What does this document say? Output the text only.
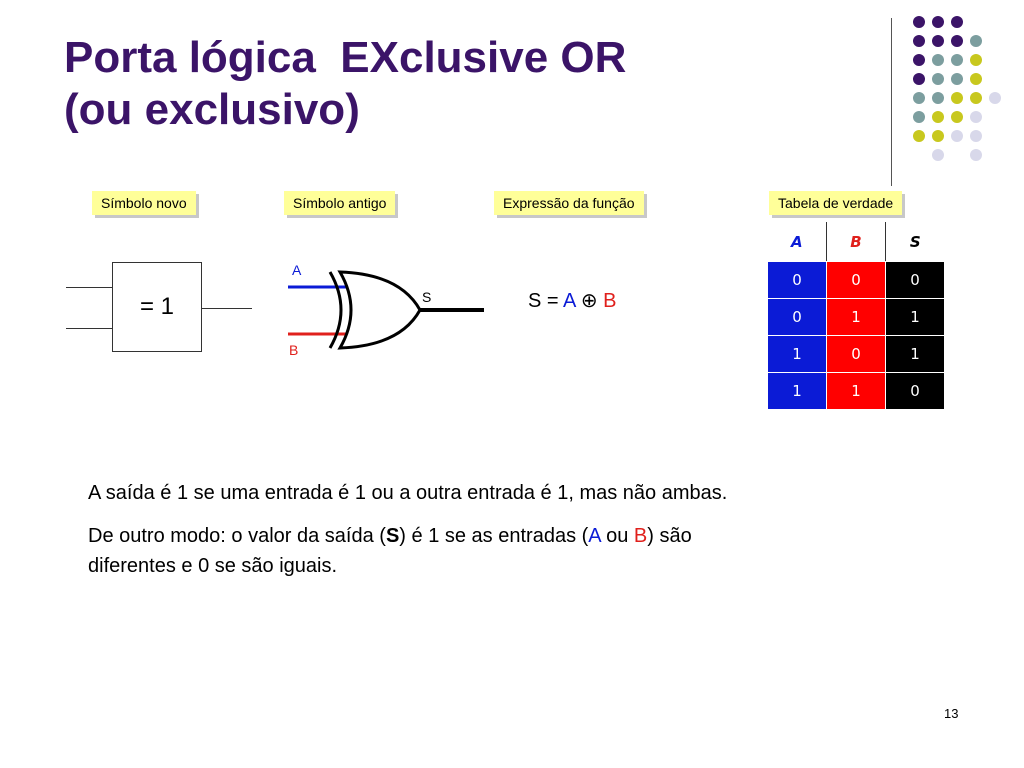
Porta lógica  EXclusive OR
(ou exclusivo)
Símbolo novo	Símbolo antigo	Expressão da função	Tabela de verdade
= 1
A
B
S	S = A ⊕ B
A	B	S
0	0	0
0	1	1
1	0	1
1	1	0
A saída é 1 se uma entrada é 1 ou a outra entrada é 1, mas não ambas.
De outro modo: o valor da saída (S) é 1 se as entradas (A ou B) são
diferentes e 0 se são iguais.
13
